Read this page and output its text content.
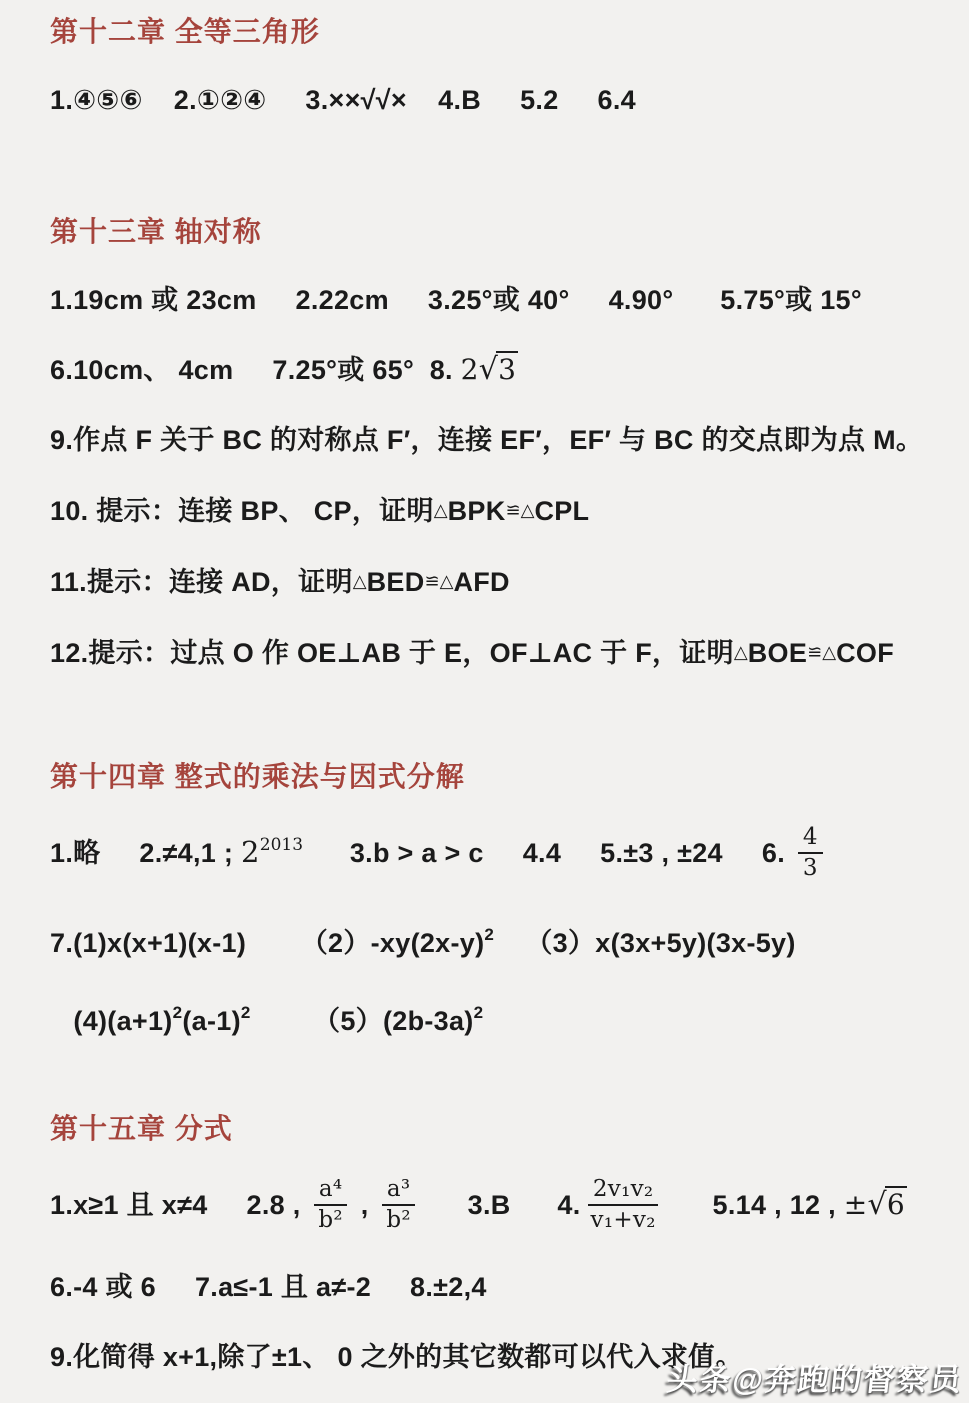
第十二章 全等三角形
1.④⑤⑥    2.①②④     3.××√√×    4.B     5.2     6.4
第十三章 轴对称
1.19cm 或 23cm     2.22cm     3.25°或 40°     4.90°      5.75°或 15°
6.10cm、 4cm     7.25°或 65°  8. 2√3
9.作点 F 关于 BC 的对称点 F′，连接 EF′，EF′ 与 BC 的交点即为点 M。
10. 提示：连接 BP、 CP，证明△BPK≌△CPL
11.提示：连接 AD，证明△BED≌△AFD
12.提示：过点 O 作 OE⊥AB 于 E，OF⊥AC 于 F，证明△BOE≌△COF
第十四章 整式的乘法与因式分解
1.略     2.≠4,1 ; $2^{2013}$      3.b > a > c     4.4     5.±3 , ±24     6. $\frac{4}{3}$
7.(1)x(x+1)(x-1)       $(2)-xy(2x-y)^2$    （3）x(3x+5y)(3x-5y)
$(4)(a+1)^2(a-1)^2$        $(5)(2b-3a)^2$
第十五章 分式
1.x≥1 且 x≠4     2.8 , $\frac{\text{a⁴}}{\text{b²}}$ , $\frac{\text{a³}}{\text{b²}} 3.B$      4. $\frac{\text{2v₁v₂}}{\text{v₁+v₂}} 5.14$ , 12 , ±√6
6.-4 或 6     7.a≤-1 且 a≠-2     8.±2,4
9.化简得 x+1,除了±1、 0 之外的其它数都可以代入求值。
头条@奔跑的督察员
